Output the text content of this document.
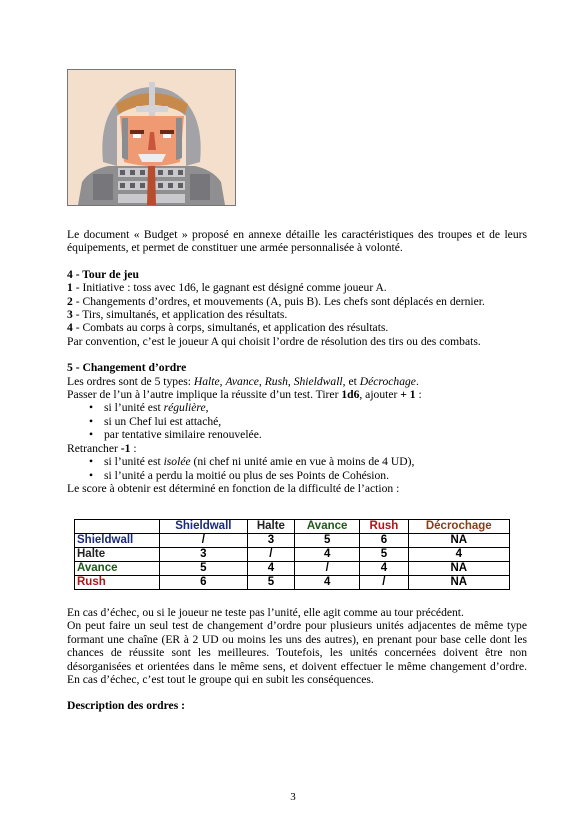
Le document « Budget » proposé en annexe détaille les caractéristiques des troupes et de leurs équipements, et permet de constituer une armée personnalisée à volonté.

4 - Tour de jeu

1 - Initiative : toss avec 1d6, le gagnant est désigné comme joueur A.

2 - Changements d’ordres, et mouvements (A, puis B). Les chefs sont déplacés en dernier.

3 - Tirs, simultanés, et application des résultats.

4 - Combats au corps à corps, simultanés, et application des résultats.

Par convention, c’est le joueur A qui choisit l’ordre de résolution des tirs ou des combats.

5 - Changement d’ordre

Les ordres sont de 5 types: Halte, Avance, Rush, Shieldwall, et Décrochage.

Passer de l’un à l’autre implique la réussite d’un test. Tirer 1d6, ajouter + 1 :

• si l’unité est régulière,
• si un Chef lui est attaché,
• par tentative similaire renouvelée.

Retrancher -1 :

• si l’unité est isolée (ni chef ni unité amie en vue à moins de 4 UD),
• si l’unité a perdu la moitié ou plus de ses Points de Cohésion.

Le score à obtenir est déterminé en fonction de la difficulté de l’action :

	Shieldwall	Halte	Avance	Rush	Décrochage
Shieldwall	/	3	5	6	NA
Halte	3	/	4	5	4
Avance	5	4	/	4	NA
Rush	6	5	4	/	NA

En cas d’échec, ou si le joueur ne teste pas l’unité, elle agit comme au tour précédent.

On peut faire un seul test de changement d’ordre pour plusieurs unités adjacentes de même type formant une chaîne (ER à 2 UD ou moins les uns des autres), en prenant pour base celle dont les chances de réussite sont les meilleures. Toutefois, les unités concernées doivent être non désorganisées et orientées dans le même sens, et doivent effectuer le même changement d’ordre. En cas d’échec, c’est tout le groupe qui en subit les conséquences.

Description des ordres :

3
